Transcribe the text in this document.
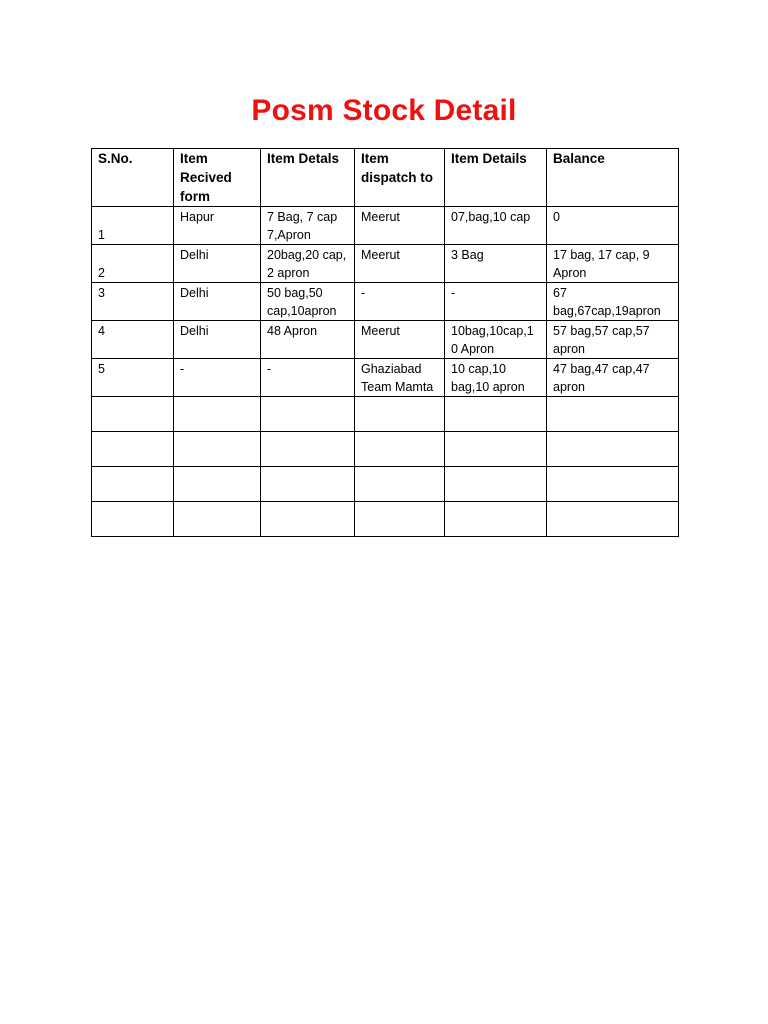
Posm Stock Detail
S.No.	Item Recived form	Item Detals	Item dispatch to	Item Details	Balance
1	Hapur	7 Bag, 7 cap 7,Apron	Meerut	07,bag,10 cap	0
2	Delhi	20bag,20 cap, 2 apron	Meerut	3 Bag	17 bag, 17 cap, 9 Apron
3	Delhi	50 bag,50 cap,10apron	-	-	67 bag,67cap,19apron
4	Delhi	48 Apron	Meerut	10bag,10cap,10 Apron	57 bag,57 cap,57 apron
5	-	-	Ghaziabad Team Mamta	10 cap,10 bag,10 apron	47 bag,47 cap,47 apron
